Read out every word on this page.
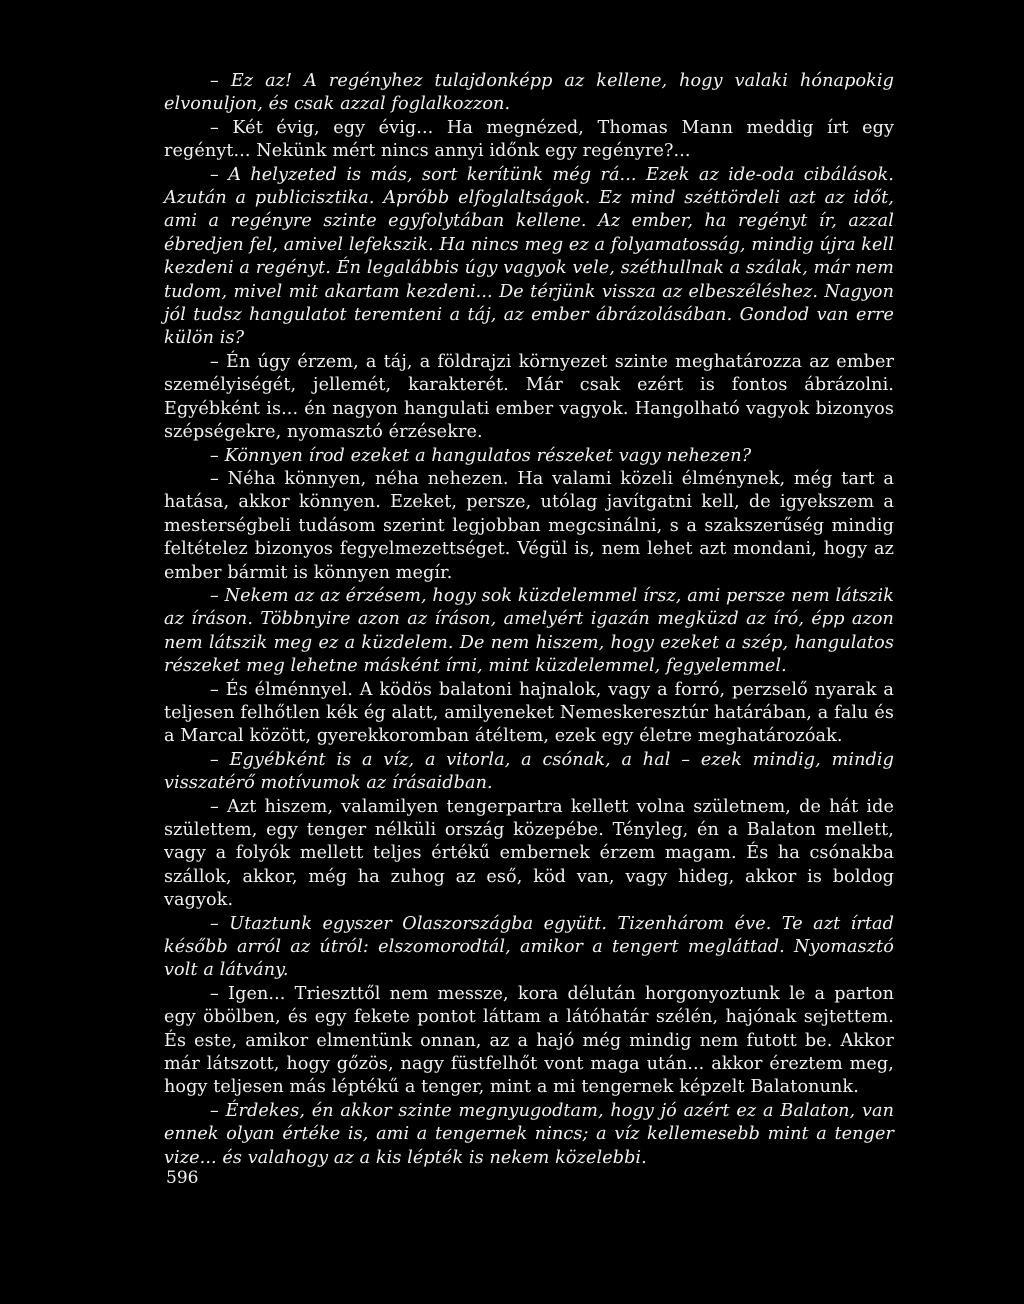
– Ez az! A regényhez tulajdonképp az kellene, hogy valaki hónapokig elvonuljon, és csak azzal foglalkozzon.

– Két évig, egy évig... Ha megnézed, Thomas Mann meddig írt egy regényt... Nekünk mért nincs annyi időnk egy regényre?...

– A helyzeted is más, sort kerítünk még rá... Ezek az ide-oda cibálások. Azután a publicisztika. Apróbb elfoglaltságok. Ez mind széttördeli azt az időt, ami a regényre szinte egyfolytában kellene. Az ember, ha regényt ír, azzal ébredjen fel, amivel lefekszik. Ha nincs meg ez a folyamatosság, mindig újra kell kezdeni a regényt. Én legalábbis úgy vagyok vele, széthullnak a szálak, már nem tudom, mivel mit akartam kezdeni... De térjünk vissza az elbeszéléshez. Nagyon jól tudsz hangulatot teremteni a táj, az ember ábrázolásában. Gondod van erre külön is?

– Én úgy érzem, a táj, a földrajzi környezet szinte meghatározza az ember személyiségét, jellemét, karakterét. Már csak ezért is fontos ábrázolni. Egyébként is... én nagyon hangulati ember vagyok. Hangolható vagyok bizonyos szépségekre, nyomasztó érzésekre.

– Könnyen írod ezeket a hangulatos részeket vagy nehezen?

– Néha könnyen, néha nehezen. Ha valami közeli élménynek, még tart a hatása, akkor könnyen. Ezeket, persze, utólag javítgatni kell, de igyekszem a mesterségbeli tudásom szerint legjobban megcsinálni, s a szakszerűség mindig feltételez bizonyos fegyelmezettséget. Végül is, nem lehet azt mondani, hogy az ember bármit is könnyen megír.

– Nekem az az érzésem, hogy sok küzdelemmel írsz, ami persze nem látszik az íráson. Többnyire azon az íráson, amelyért igazán megküzd az író, épp azon nem látszik meg ez a küzdelem. De nem hiszem, hogy ezeket a szép, hangulatos részeket meg lehetne másként írni, mint küzdelemmel, fegyelemmel.

– És élménnyel. A ködös balatoni hajnalok, vagy a forró, perzselő nyarak a teljesen felhőtlen kék ég alatt, amilyeneket Nemeskeresztúr határában, a falu és a Marcal között, gyerekkoromban átéltem, ezek egy életre meghatározóak.

– Egyébként is a víz, a vitorla, a csónak, a hal – ezek mindig, mindig visszatérő motívumok az írásaidban.

– Azt hiszem, valamilyen tengerpartra kellett volna születnem, de hát ide születtem, egy tenger nélküli ország közepébe. Tényleg, én a Balaton mellett, vagy a folyók mellett teljes értékű embernek érzem magam. És ha csónakba szállok, akkor, még ha zuhog az eső, köd van, vagy hideg, akkor is boldog vagyok.

– Utaztunk egyszer Olaszországba együtt. Tizenhárom éve. Te azt írtad később arról az útról: elszomorodtál, amikor a tengert megláttad. Nyomasztó volt a látvány.

– Igen... Trieszttől nem messze, kora délután horgonyoztunk le a parton egy öbölben, és egy fekete pontot láttam a látóhatár szélén, hajónak sejtettem. És este, amikor elmentünk onnan, az a hajó még mindig nem futott be. Akkor már látszott, hogy gőzös, nagy füstfelhőt vont maga után... akkor éreztem meg, hogy teljesen más léptékű a tenger, mint a mi tengernek képzelt Balatonunk.

– Érdekes, én akkor szinte megnyugodtam, hogy jó azért ez a Balaton, van ennek olyan értéke is, ami a tengernek nincs; a víz kellemesebb mint a tenger vize... és valahogy az a kis lépték is nekem közelebbi.

596
